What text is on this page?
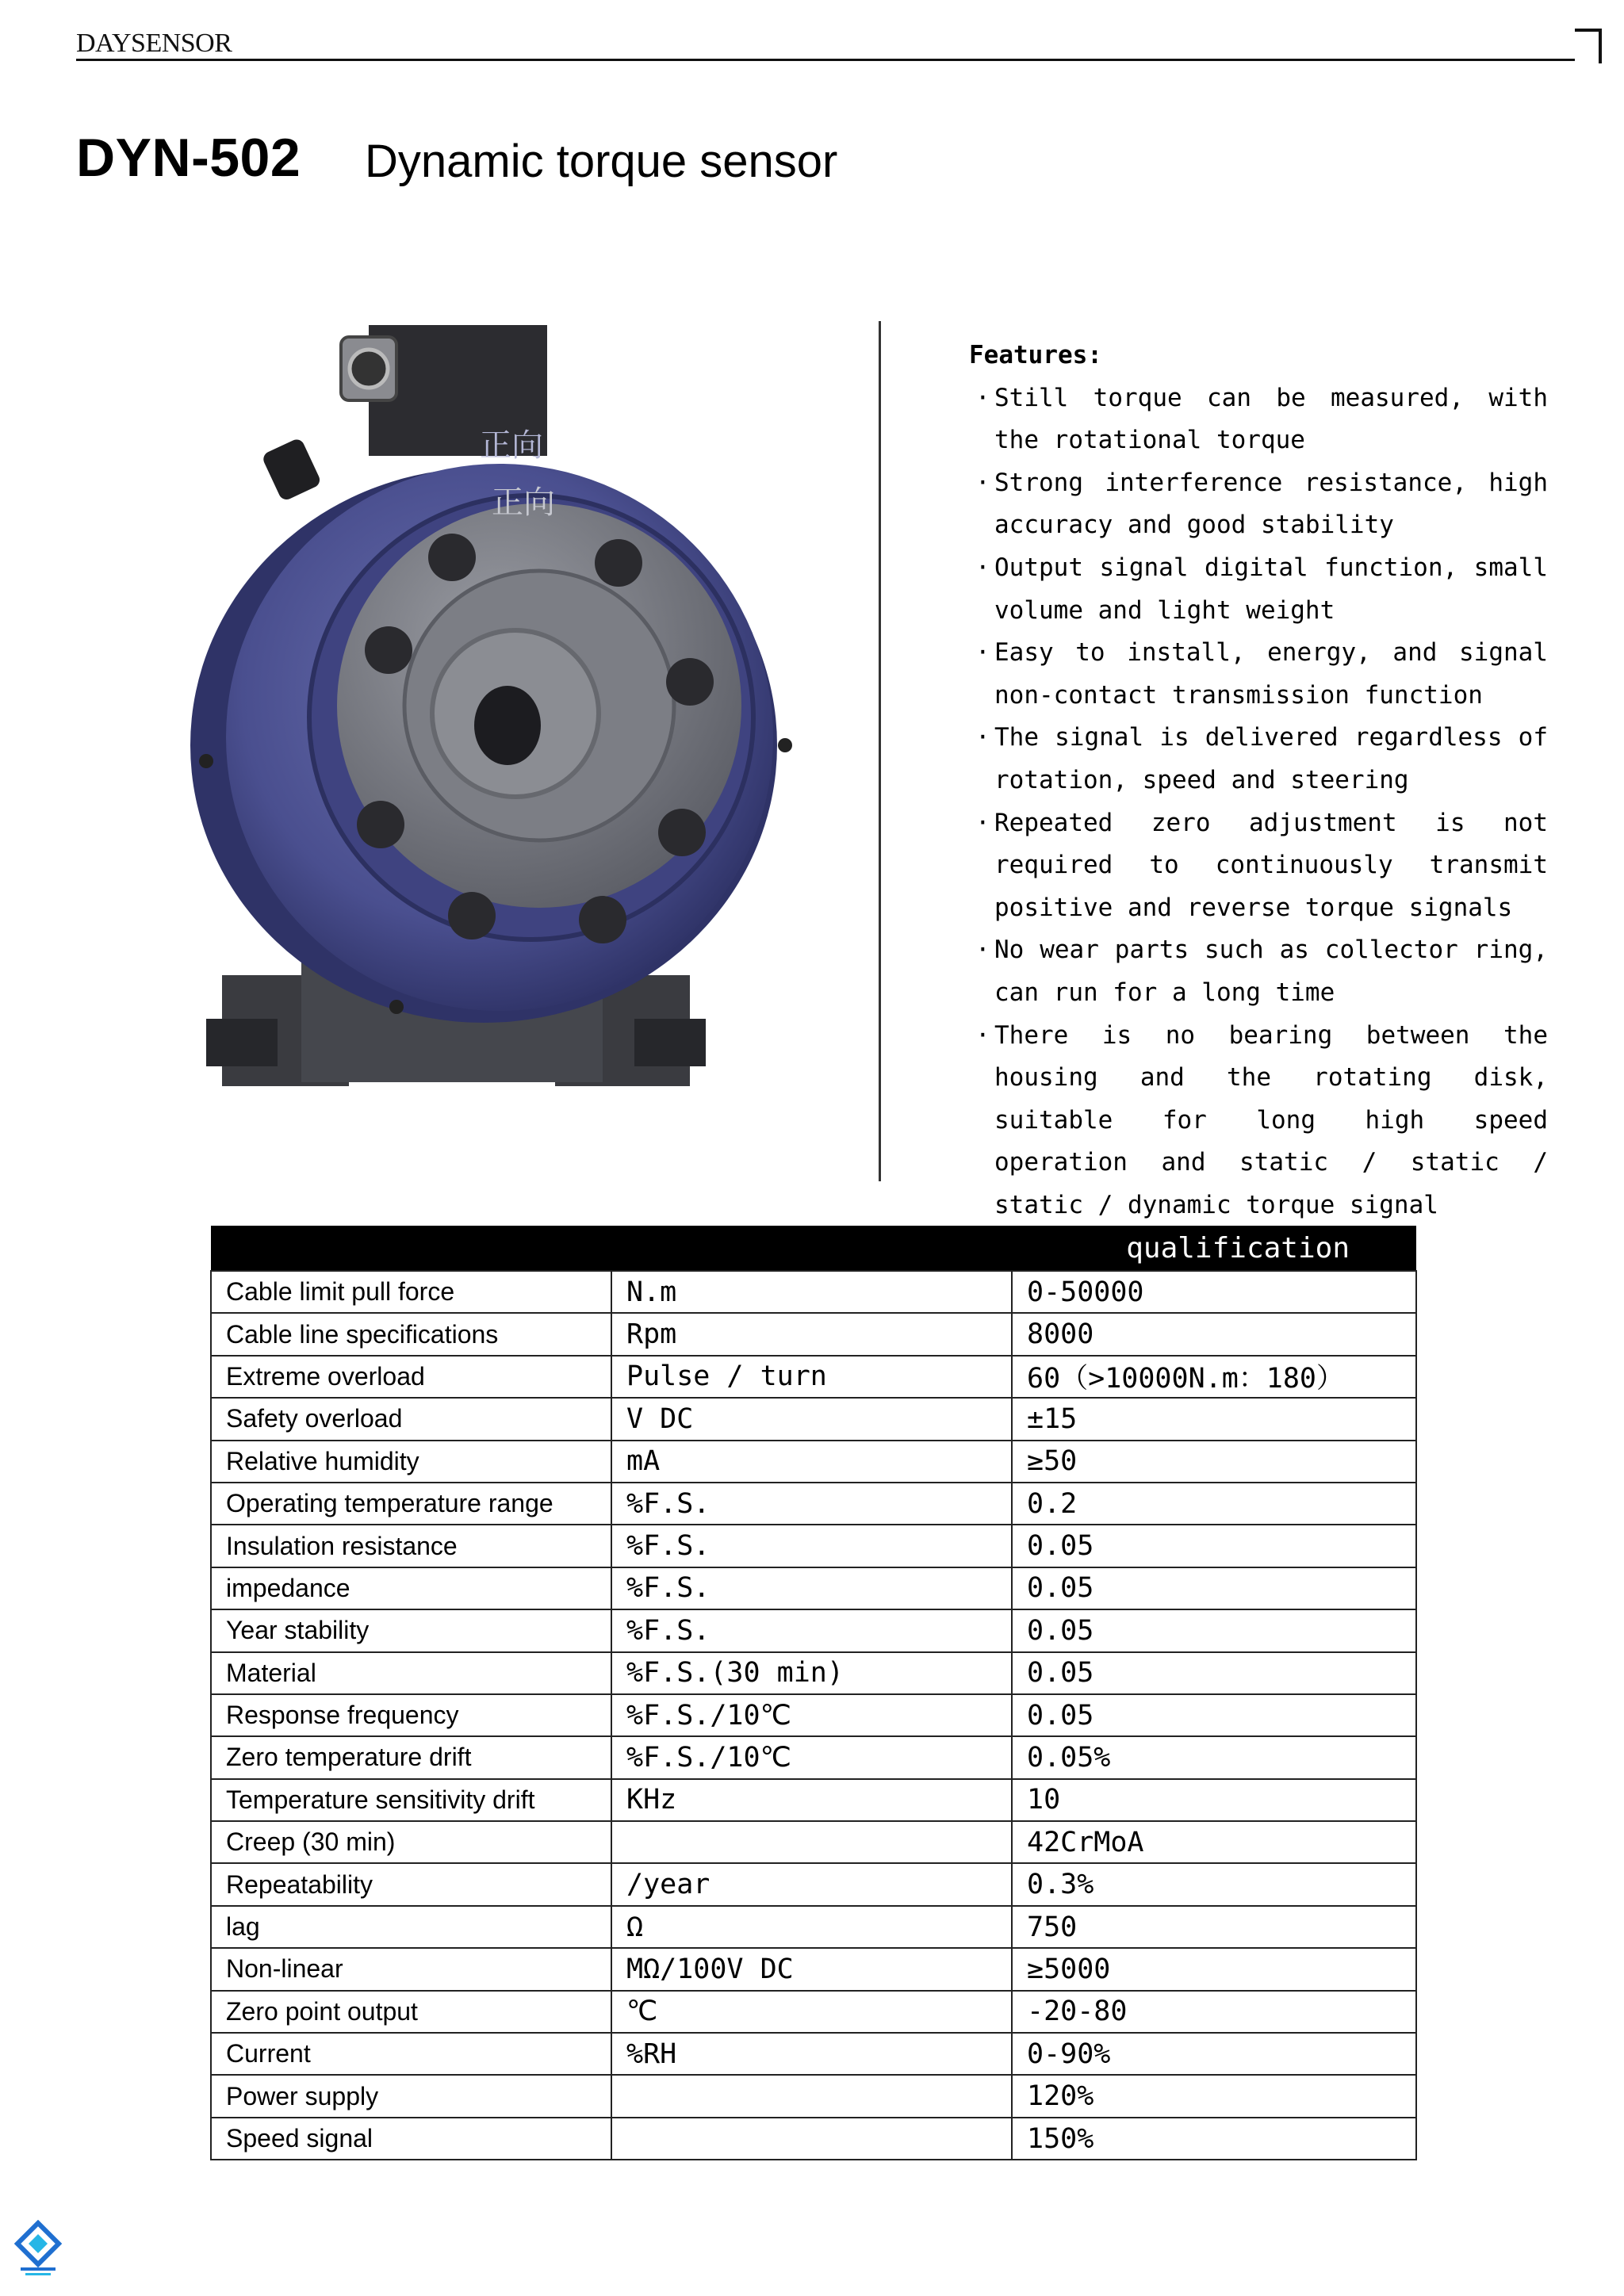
DAYSENSOR
DYN-502 Dynamic torque sensor
正向
正向
Features:
· Still torque can be measured, with the rotational torque
· Strong interference resistance, high accuracy and good stability
· Output signal digital function, small volume and light weight
· Easy to install, energy, and signal non-contact transmission function
· The signal is delivered regardless of rotation, speed and steering
· Repeated zero adjustment is not required to continuously transmit positive and reverse torque signals
· No wear parts such as collector ring, can run for a long time
· There is no bearing between the housing and the rotating disk, suitable for long high speed operation and static / static / static / dynamic torque signal
qualification		
Cable limit pull force	N.m	0-50000
Cable line specifications	Rpm	8000
Extreme overload	Pulse / turn	60（>10000N.m：180）
Safety overload	V DC	±15
Relative humidity	mA	≥50
Operating temperature range	%F.S.	0.2
Insulation resistance	%F.S.	0.05
impedance	%F.S.	0.05
Year stability	%F.S.	0.05
Material	%F.S.(30 min)	0.05
Response frequency	%F.S./10℃	0.05
Zero temperature drift	%F.S./10℃	0.05%
Temperature sensitivity drift	KHz	10
Creep (30 min)		42CrMoA
Repeatability	/year	0.3%
lag	Ω	750
Non-linear	MΩ/100V DC	≥5000
Zero point output	℃	-20-80
Current	%RH	0-90%
Power supply		120%
Speed signal		150%
